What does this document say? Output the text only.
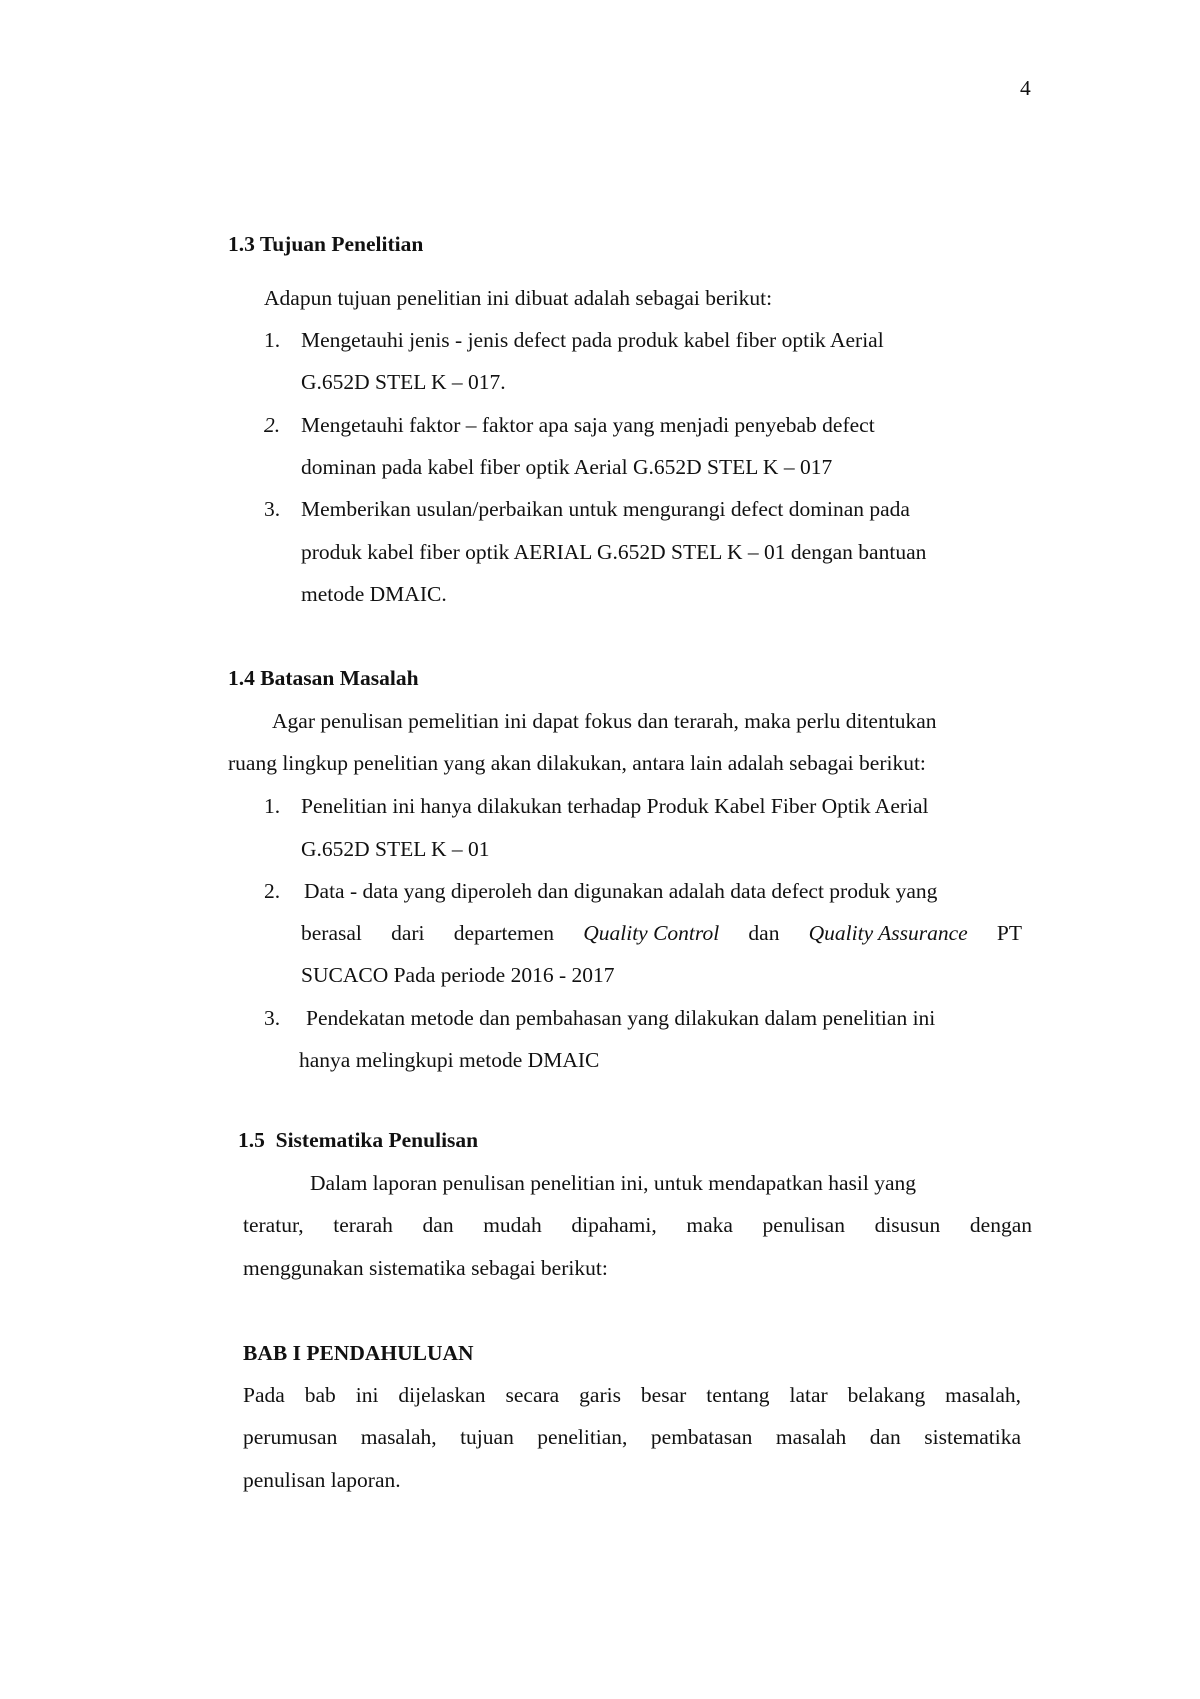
4
1.3 Tujuan Penelitian
Adapun tujuan penelitian ini dibuat adalah sebagai berikut:
1. Mengetauhi jenis - jenis defect pada produk kabel fiber optik Aerial
G.652D STEL K – 017.
2. Mengetauhi faktor – faktor apa saja yang menjadi penyebab defect
dominan pada kabel fiber optik Aerial G.652D STEL K – 017
3. Memberikan usulan/perbaikan untuk mengurangi defect dominan pada
produk kabel fiber optik AERIAL G.652D STEL K – 01 dengan bantuan
metode DMAIC.
1.4 Batasan Masalah
Agar penulisan pemelitian ini dapat fokus dan terarah, maka perlu ditentukan
ruang lingkup penelitian yang akan dilakukan, antara lain adalah sebagai berikut:
1. Penelitian ini hanya dilakukan terhadap Produk Kabel Fiber Optik Aerial
G.652D STEL K – 01
2. Data - data yang diperoleh dan digunakan adalah data defect produk yang
berasal dari departemen Quality Control dan Quality Assurance PT
SUCACO Pada periode 2016 - 2017
3. Pendekatan metode dan pembahasan yang dilakukan dalam penelitian ini
hanya melingkupi metode DMAIC
1.5  Sistematika Penulisan
Dalam laporan penulisan penelitian ini, untuk mendapatkan hasil yang
teratur, terarah dan mudah dipahami, maka penulisan disusun dengan
menggunakan sistematika sebagai berikut:
BAB I PENDAHULUAN
Pada bab ini dijelaskan secara garis besar tentang latar belakang masalah,
perumusan masalah, tujuan penelitian, pembatasan masalah dan sistematika
penulisan laporan.
